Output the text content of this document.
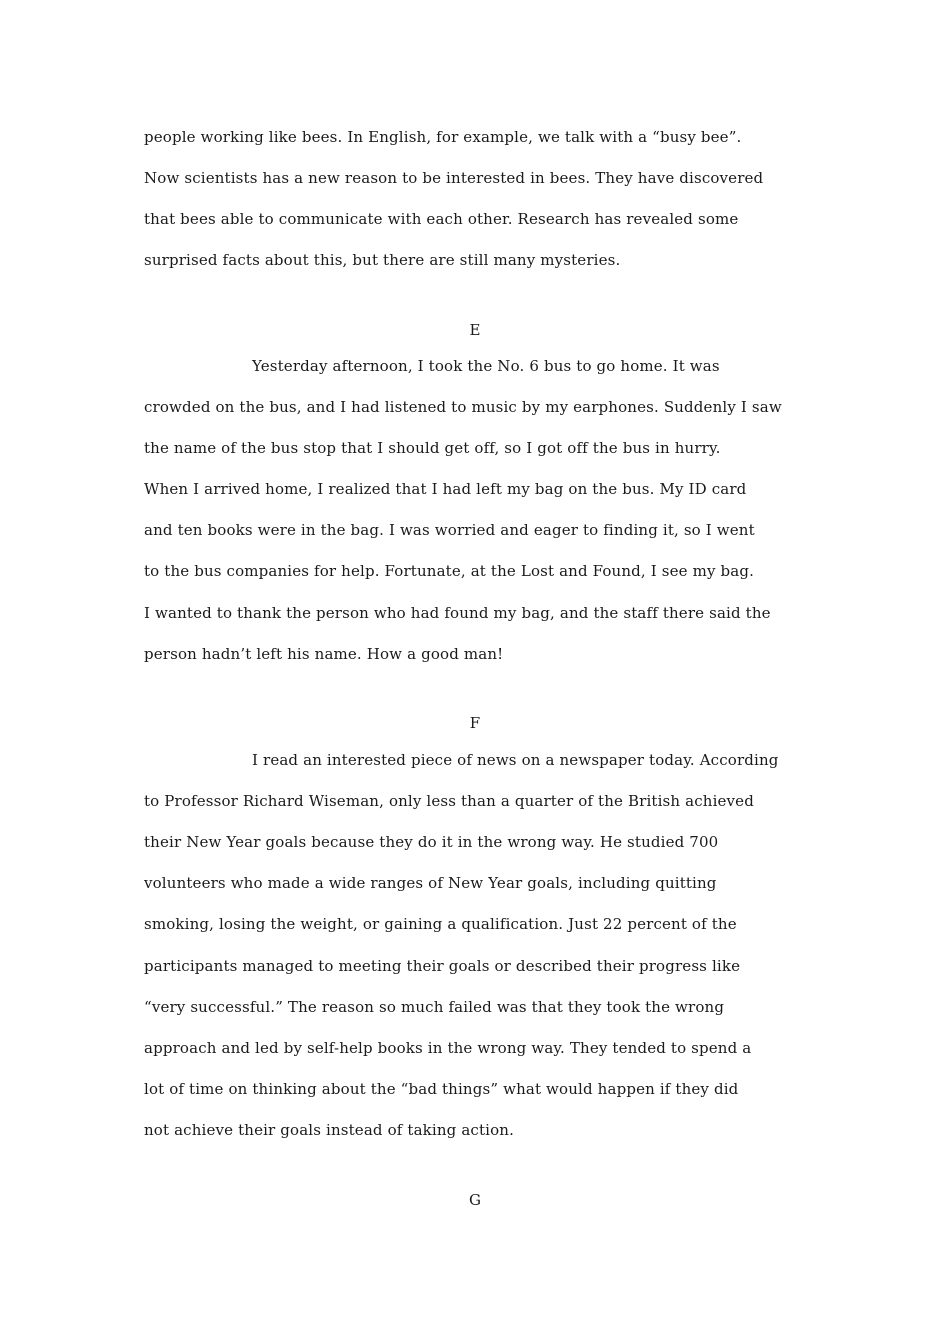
people working like bees. In English, for example, we talk with a “busy bee”.
Now scientists has a new reason to be interested in bees. They have discovered
that bees able to communicate with each other. Research has revealed some
surprised facts about this, but there are still many mysteries.
E
Yesterday afternoon, I took the No. 6 bus to go home. It was
crowded on the bus, and I had listened to music by my earphones. Suddenly I saw
the name of the bus stop that I should get off, so I got off the bus in hurry.
When I arrived home, I realized that I had left my bag on the bus. My ID card
and ten books were in the bag. I was worried and eager to finding it, so I went
to the bus companies for help. Fortunate, at the Lost and Found, I see my bag.
I wanted to thank the person who had found my bag, and the staff there said the
person hadn’t left his name. How a good man!
F
I read an interested piece of news on a newspaper today. According
to Professor Richard Wiseman, only less than a quarter of the British achieved
their New Year goals because they do it in the wrong way. He studied 700
volunteers who made a wide ranges of New Year goals, including quitting
smoking, losing the weight, or gaining a qualification. Just 22 percent of the
participants managed to meeting their goals or described their progress like
“very successful.” The reason so much failed was that they took the wrong
approach and led by self-help books in the wrong way. They tended to spend a
lot of time on thinking about the “bad things” what would happen if they did
not achieve their goals instead of taking action.
G
